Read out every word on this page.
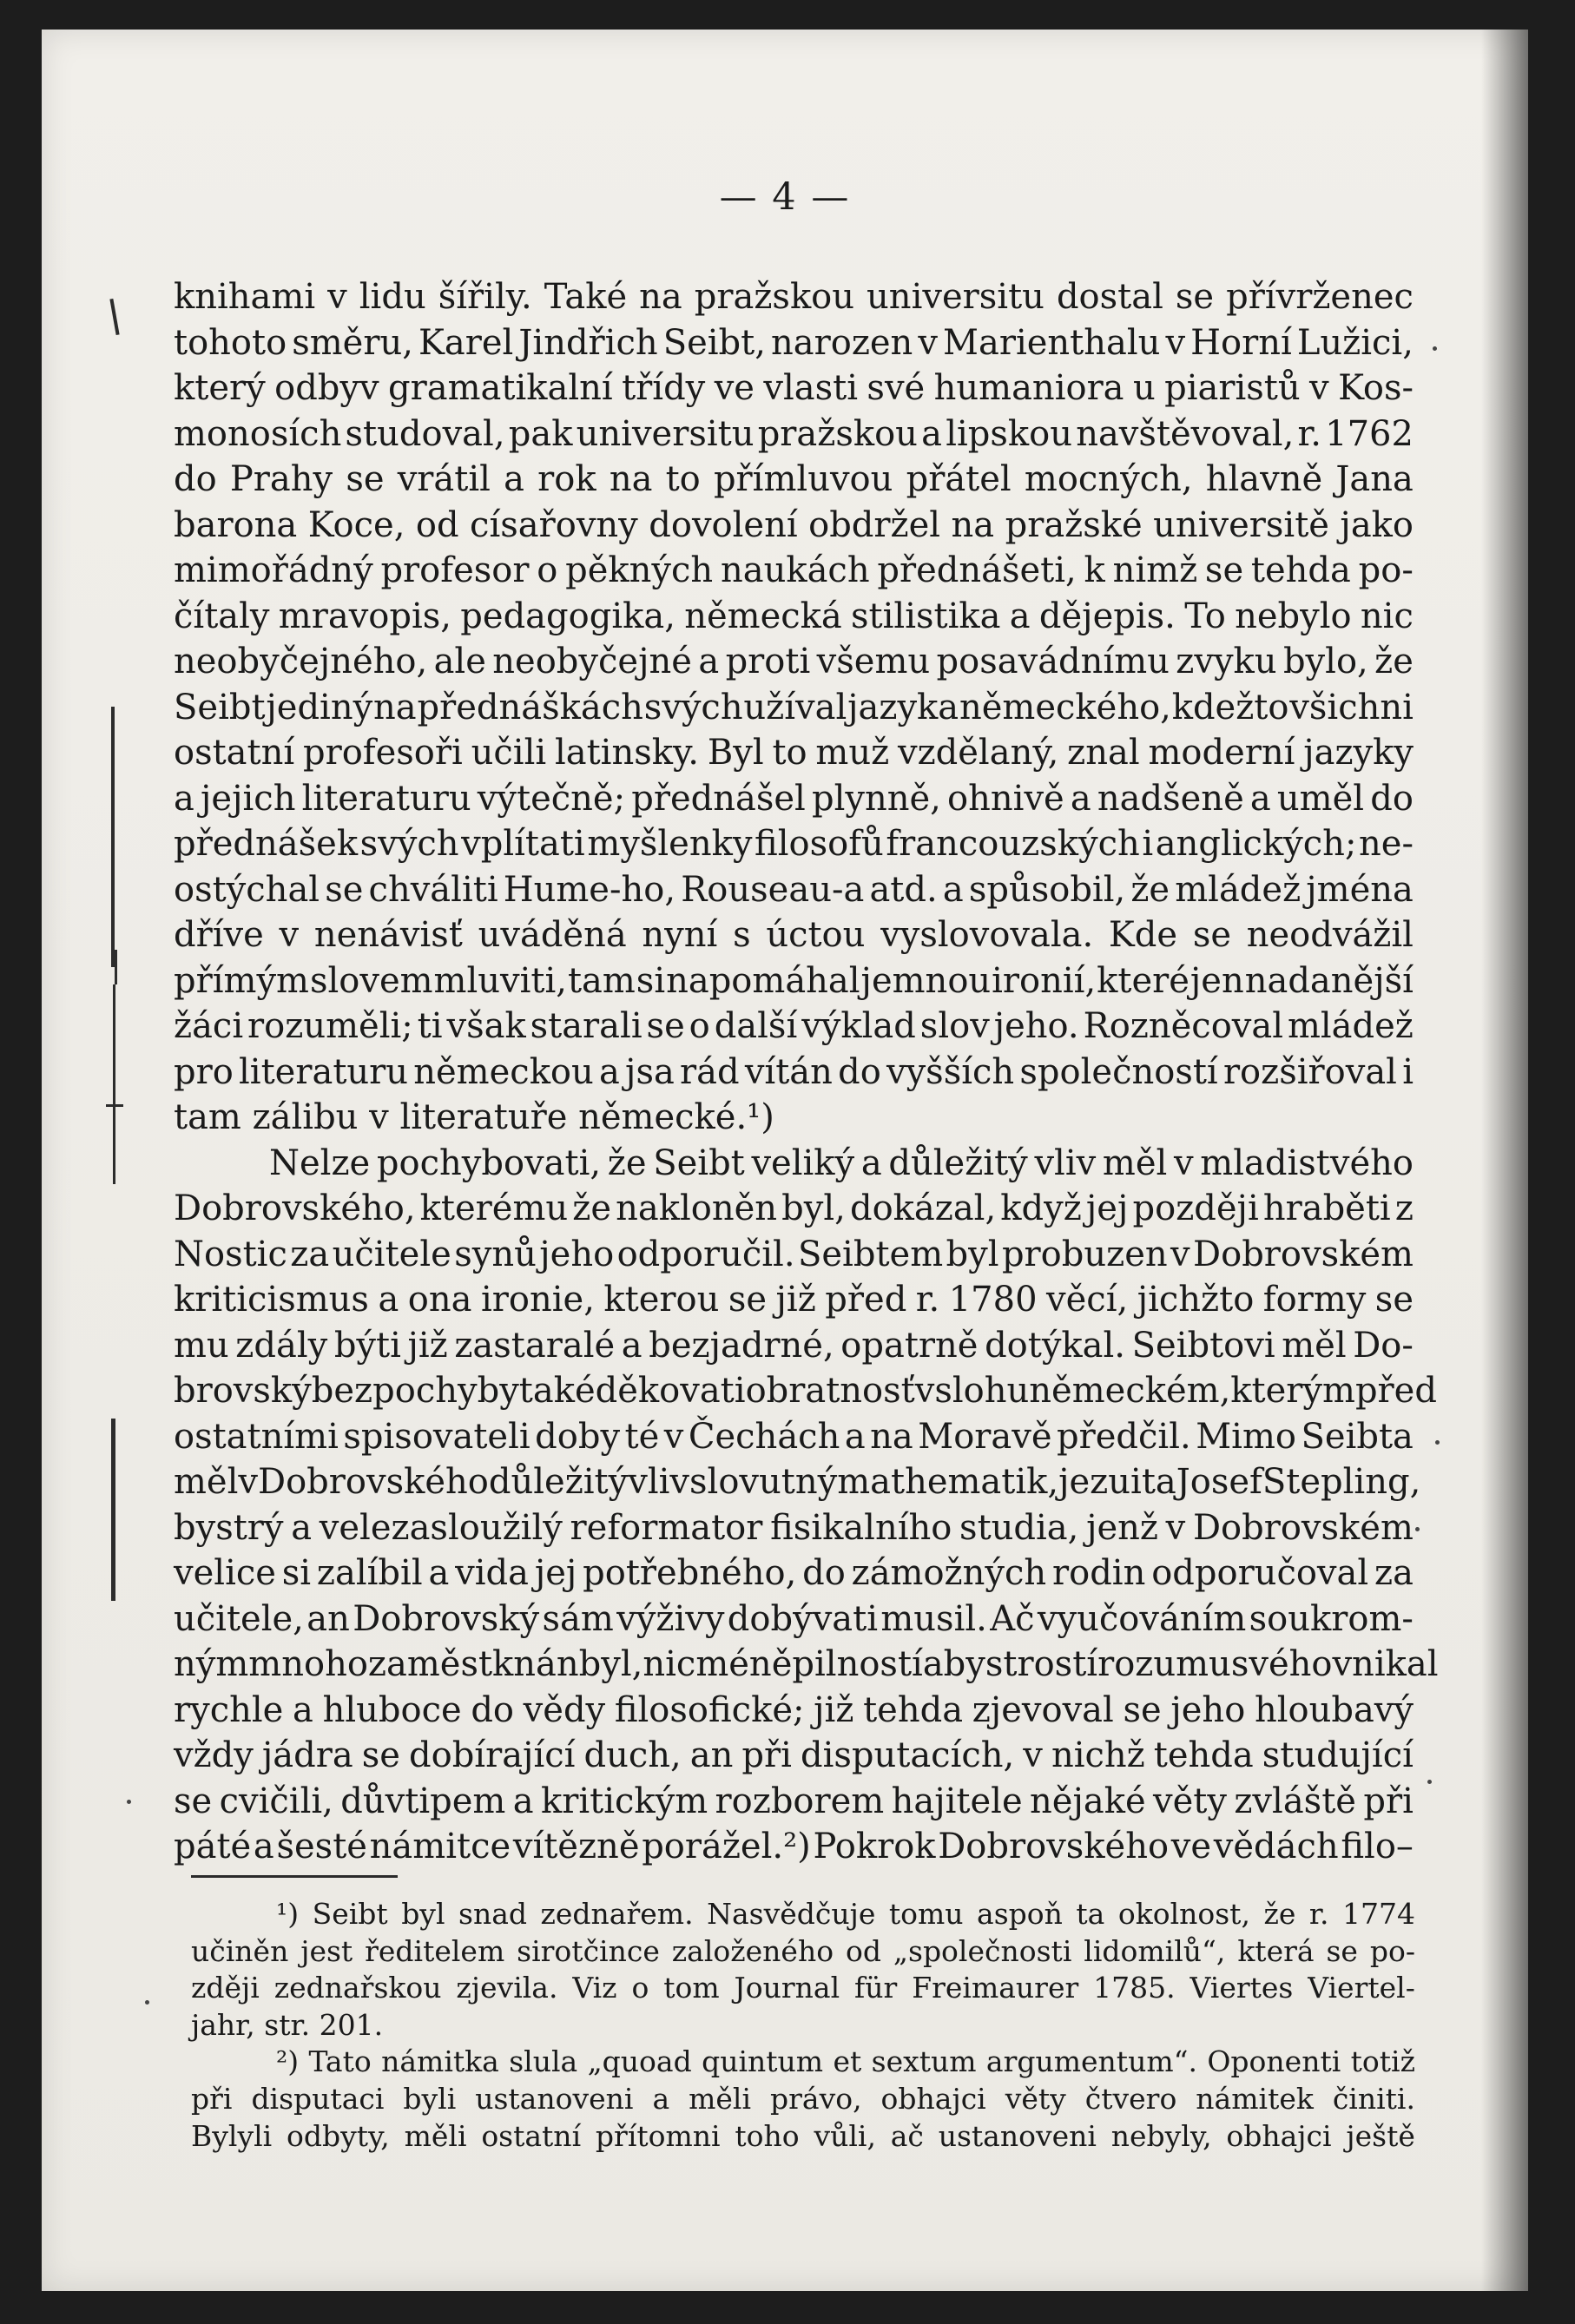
— 4 —
knihami v lidu šířily. Také na pražskou universitu dostal se přívrženec
tohoto směru, Karel Jindřich Seibt, narozen v Marienthalu v Horní Lužici,
který odbyv gramatikalní třídy ve vlasti své humaniora u piaristů v Kos-
monosích studoval, pak universitu pražskou a lipskou navštěvoval, r. 1762
do Prahy se vrátil a rok na to přímluvou přátel mocných, hlavně Jana
barona Koce, od císařovny dovolení obdržel na pražské universitě jako
mimořádný profesor o pěkných naukách přednášeti, k nimž se tehda po-
čítaly mravopis, pedagogika, německá stilistika a dějepis. To nebylo nic
neobyčejného, ale neobyčejné a proti všemu posavádnímu zvyku bylo, že
Seibt jediný na přednáškách svých užíval jazyka německého, kdežto všichni
ostatní profesoři učili latinsky. Byl to muž vzdělaný, znal moderní jazyky
a jejich literaturu výtečně; přednášel plynně, ohnivě a nadšeně a uměl do
přednášek svých vplítati myšlenky filosofů francouzských i anglických; ne-
ostýchal se chváliti Hume-ho, Rouseau-a atd. a spůsobil, že mládež jména
dříve v nenávisť uváděná nyní s úctou vyslovovala. Kde se neodvážil
přímým slovem mluviti, tam si napomáhal jemnou ironií, které jen nadanější
žáci rozuměli; ti však starali se o další výklad slov jeho. Rozněcoval mládež
pro literaturu německou a jsa rád vítán do vyšších společností rozšiřoval i
tam zálibu v literatuře německé.¹)
Nelze pochybovati, že Seibt veliký a důležitý vliv měl v mladistvého
Dobrovského, kterému že nakloněn byl, dokázal, když jej později hraběti z
Nostic za učitele synů jeho odporučil. Seibtem byl probuzen v Dobrovském
kriticismus a ona ironie, kterou se již před r. 1780 věcí, jichžto formy se
mu zdály býti již zastaralé a bezjadrné, opatrně dotýkal. Seibtovi měl Do-
brovský bezpochyby také děkovati obratnosť v slohu německém, kterým před
ostatními spisovateli doby té v Čechách a na Moravě předčil. Mimo Seibta
měl v Dobrovského důležitý vliv slovutný mathematik, jezuita Josef Stepling,
bystrý a velezasloužilý reformator fisikalního studia, jenž v Dobrovském
velice si zalíbil a vida jej potřebného, do zámožných rodin odporučoval za
učitele, an Dobrovský sám výživy dobývati musil. Ač vyučováním soukrom-
ným mnoho zaměstknán byl, nicméně pilností a bystrostí rozumu svého vnikal
rychle a hluboce do vědy filosofické; již tehda zjevoval se jeho hloubavý
vždy jádra se dobírající duch, an při disputacích, v nichž tehda studující
se cvičili, důvtipem a kritickým rozborem hajitele nějaké věty zvláště při
páté a šesté námitce vítězně porážel.²) Pokrok Dobrovského ve vědách filo–
¹) Seibt byl snad zednařem. Nasvědčuje tomu aspoň ta okolnost, že r. 1774
učiněn jest ředitelem sirotčince založeného od „společnosti lidomilů“, která se po-
zději zednařskou zjevila. Viz o tom Journal für Freimaurer 1785. Viertes Viertel-
jahr, str. 201.
²) Tato námitka slula „quoad quintum et sextum argumentum“. Oponenti totiž
při disputaci byli ustanoveni a měli právo, obhajci věty čtvero námitek činiti.
Bylyli odbyty, měli ostatní přítomni toho vůli, ač ustanoveni nebyly, obhajci ještě
